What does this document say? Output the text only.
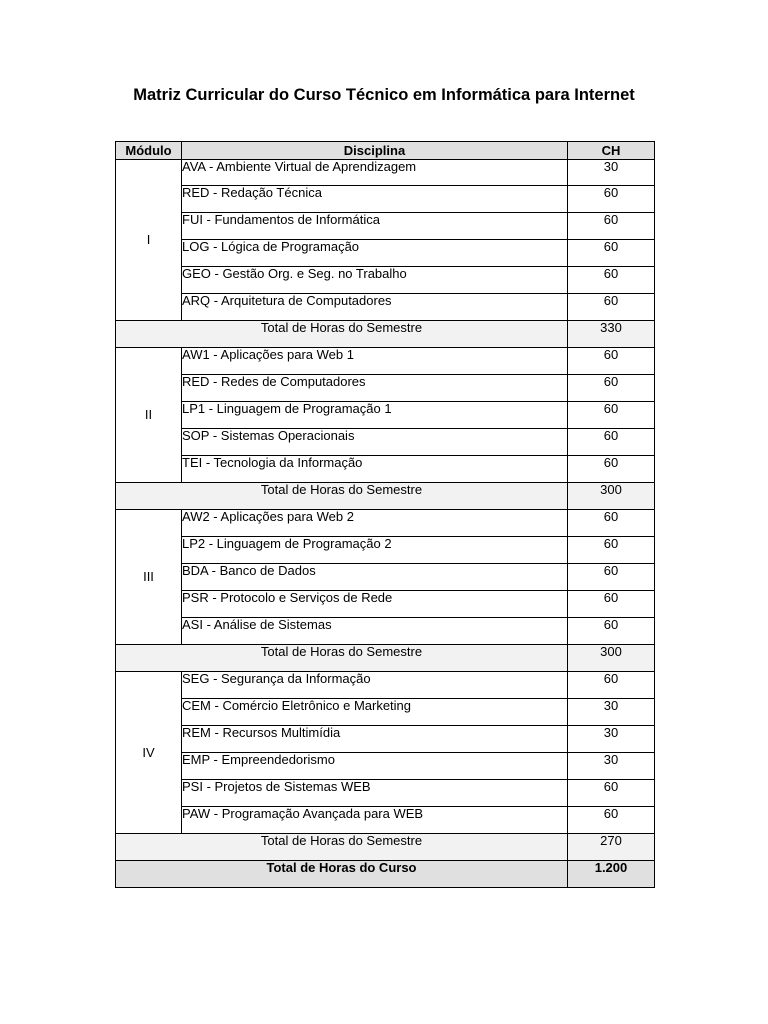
Matriz Curricular do Curso Técnico em Informática para Internet
Módulo	Disciplina	CH
I	AVA - Ambiente Virtual de Aprendizagem	30
	RED - Redação Técnica	60
	FUI - Fundamentos de Informática	60
	LOG - Lógica de Programação	60
	GEO - Gestão Org. e Seg. no Trabalho	60
	ARQ - Arquitetura de Computadores	60
Total de Horas do Semestre		330
II	AW1 - Aplicações para Web 1	60
	RED - Redes de Computadores	60
	LP1 - Linguagem de Programação 1	60
	SOP - Sistemas Operacionais	60
	TEI - Tecnologia da Informação	60
Total de Horas do Semestre		300
III	AW2 - Aplicações para Web 2	60
	LP2 - Linguagem de Programação 2	60
	BDA - Banco de Dados	60
	PSR - Protocolo e Serviços de Rede	60
	ASI - Análise de Sistemas	60
Total de Horas do Semestre		300
IV	SEG - Segurança da Informação	60
	CEM - Comércio Eletrônico e Marketing	30
	REM - Recursos Multimídia	30
	EMP - Empreendedorismo	30
	PSI - Projetos de Sistemas WEB	60
	PAW - Programação Avançada para WEB	60
Total de Horas do Semestre		270
Total de Horas do Curso		1.200
